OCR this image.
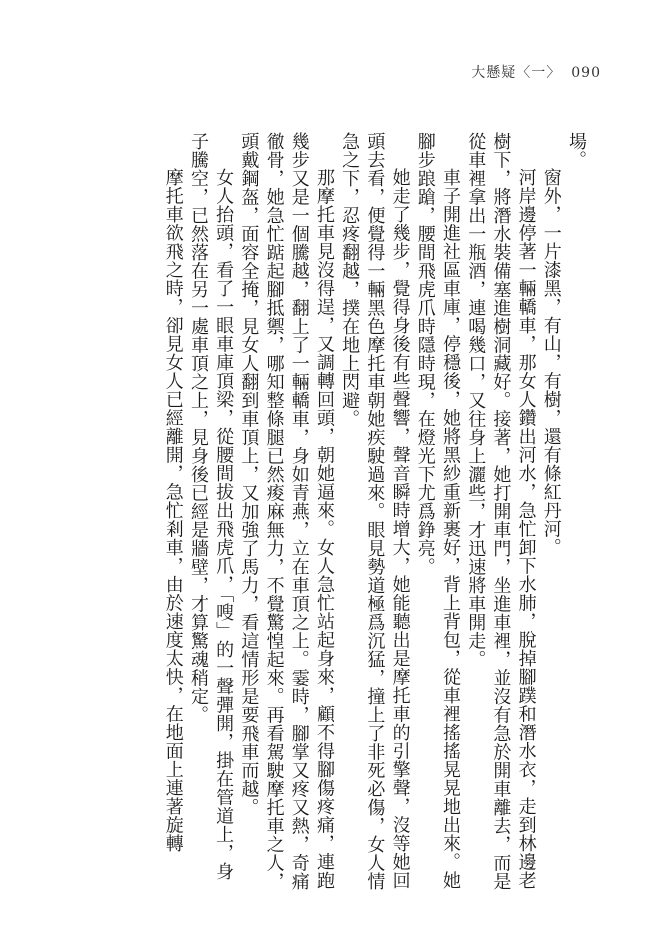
大懸疑〈一〉 090

場。

窗外，一片漆黑，有山，有樹，還有條紅丹河。

河岸邊停著一輛轎車，那女人鑽出河水，急忙卸下水肺，脫掉腳蹼和潛水衣，走到林邊老樹下，將潛水裝備塞進樹洞藏好。接著，她打開車門，坐進車裡，並沒有急於開車離去，而是從車裡拿出一瓶酒，連喝幾口，又往身上灑些，才迅速將車開走。

車子開進社區車庫，停穩後，她將黑紗重新裹好，背上背包，從車裡搖搖晃晃地出來。她腳步踉蹌，腰間飛虎爪時隱時現，在燈光下尤爲錚亮。

她走了幾步，覺得身後有些聲響，聲音瞬時增大，她能聽出是摩托車的引擎聲，沒等她回頭去看，便覺得一輛黑色摩托車朝她疾駛過來。眼見勢道極爲沉猛，撞上了非死必傷，女人情急之下，忍疼翻越，撲在地上閃避。

那摩托車見沒得逞，又調轉回頭，朝她逼來。女人急忙站起身來，顧不得腳傷疼痛，連跑幾步又是一個騰越，翻上了一輛轎車，身如青燕，立在車頂之上。霎時，腳掌又疼又熱，奇痛徹骨，她急忙踮起腳抵禦，哪知整條腿已然痠麻無力，不覺驚惶起來。再看駕駛摩托車之人，頭戴鋼盔，面容全掩，見女人翻到車頂上，又加強了馬力，看這情形是要飛車而越。

女人抬頭，看了一眼車庫頂梁，從腰間拔出飛虎爪，「嗖」的一聲彈開，掛在管道上，身子騰空，已然落在另一處車頂之上，見身後已經是牆壁，才算驚魂稍定。

摩托車欲飛之時，卻見女人已經離開，急忙剎車，由於速度太快，在地面上連著旋轉
